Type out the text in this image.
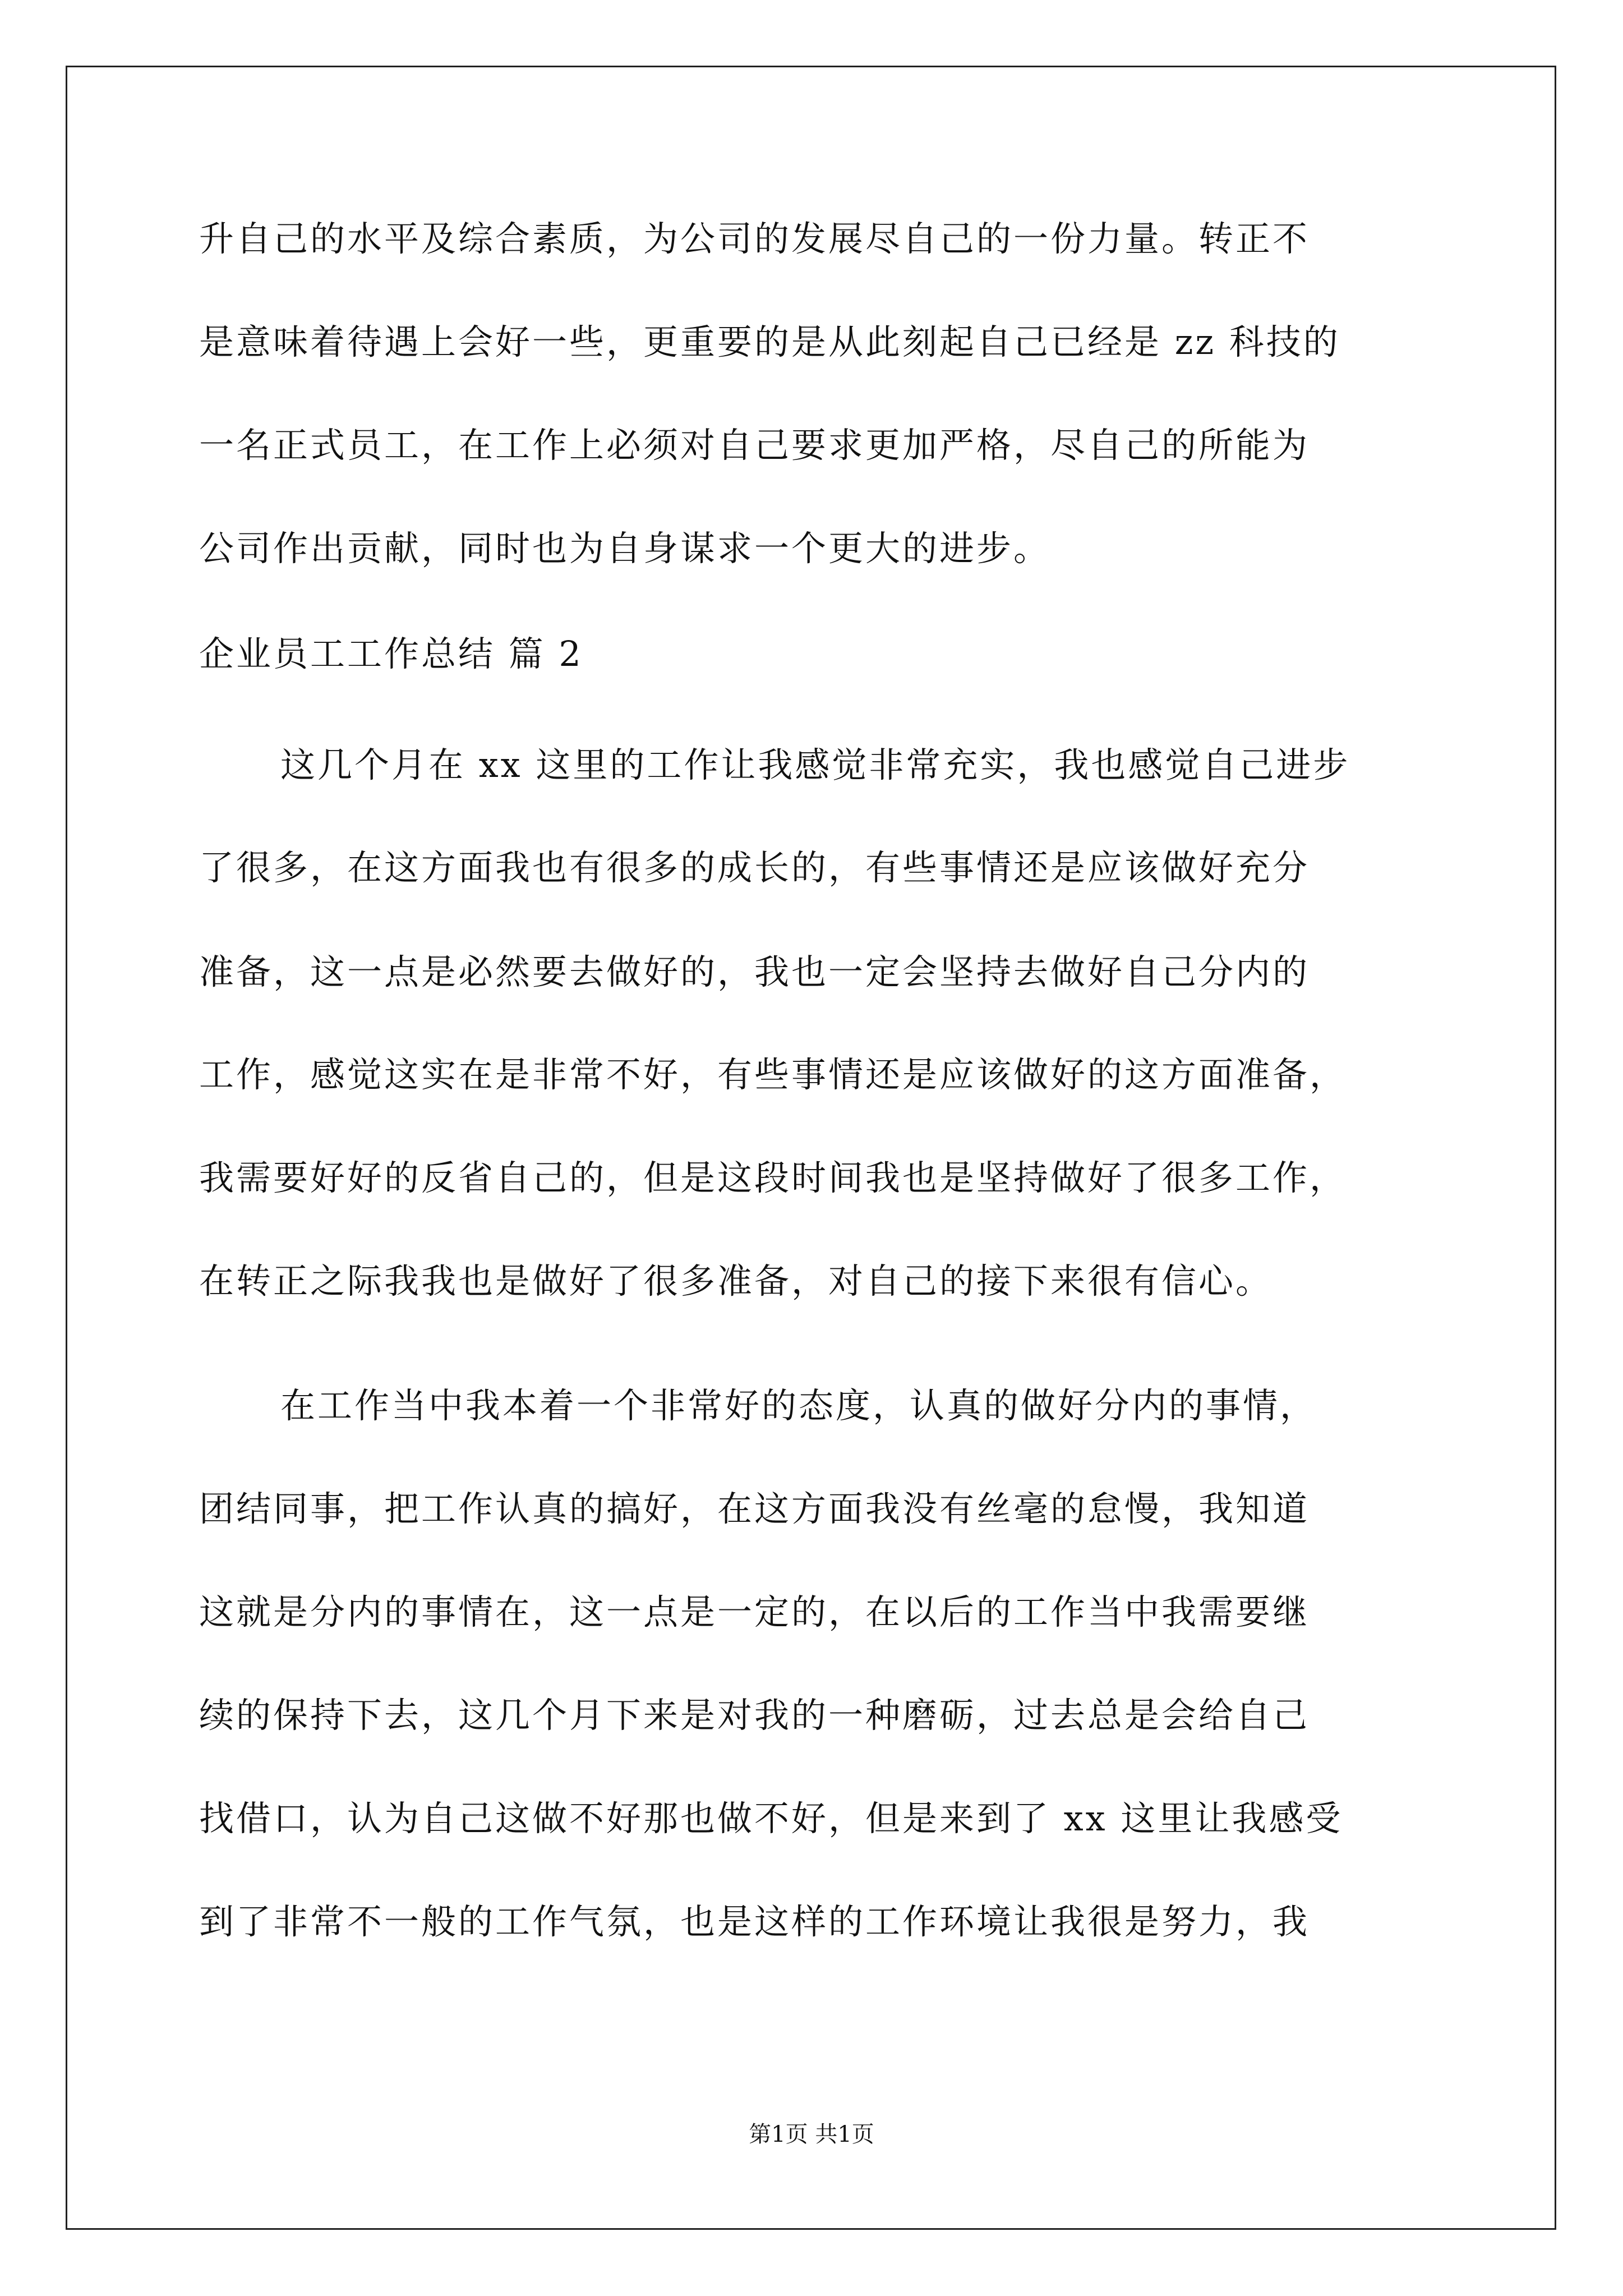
升自己的水平及综合素质，为公司的发展尽自己的一份力量。转正不

是意味着待遇上会好一些，更重要的是从此刻起自己已经是 zz 科技的

一名正式员工，在工作上必须对自己要求更加严格，尽自己的所能为

公司作出贡献，同时也为自身谋求一个更大的进步。

企业员工工作总结 篇 2

这几个月在 xx 这里的工作让我感觉非常充实，我也感觉自己进步

了很多，在这方面我也有很多的成长的，有些事情还是应该做好充分

准备，这一点是必然要去做好的，我也一定会坚持去做好自己分内的

工作，感觉这实在是非常不好，有些事情还是应该做好的这方面准备，

我需要好好的反省自己的，但是这段时间我也是坚持做好了很多工作，

在转正之际我我也是做好了很多准备，对自己的接下来很有信心。

在工作当中我本着一个非常好的态度，认真的做好分内的事情，

团结同事，把工作认真的搞好，在这方面我没有丝毫的怠慢，我知道

这就是分内的事情在，这一点是一定的，在以后的工作当中我需要继

续的保持下去，这几个月下来是对我的一种磨砺，过去总是会给自己

找借口，认为自己这做不好那也做不好，但是来到了 xx 这里让我感受

到了非常不一般的工作气氛，也是这样的工作环境让我很是努力，我

第1页 共1页
